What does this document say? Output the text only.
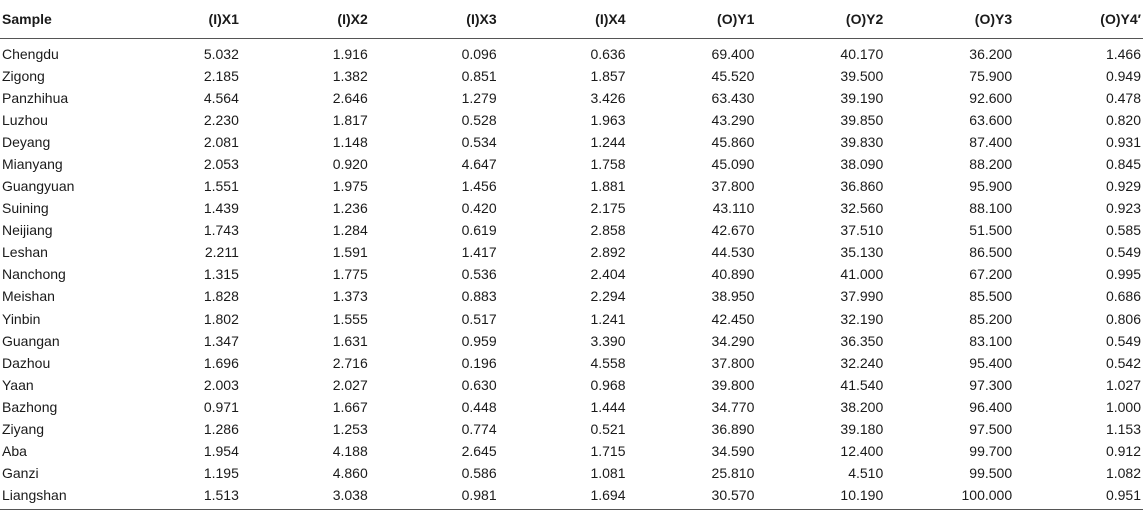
Sample	(I)X1	(I)X2	(I)X3	(I)X4	(O)Y1	(O)Y2	(O)Y3	(O)Y4′
Chengdu	5.032	1.916	0.096	0.636	69.400	40.170	36.200	1.466
Zigong	2.185	1.382	0.851	1.857	45.520	39.500	75.900	0.949
Panzhihua	4.564	2.646	1.279	3.426	63.430	39.190	92.600	0.478
Luzhou	2.230	1.817	0.528	1.963	43.290	39.850	63.600	0.820
Deyang	2.081	1.148	0.534	1.244	45.860	39.830	87.400	0.931
Mianyang	2.053	0.920	4.647	1.758	45.090	38.090	88.200	0.845
Guangyuan	1.551	1.975	1.456	1.881	37.800	36.860	95.900	0.929
Suining	1.439	1.236	0.420	2.175	43.110	32.560	88.100	0.923
Neijiang	1.743	1.284	0.619	2.858	42.670	37.510	51.500	0.585
Leshan	2.211	1.591	1.417	2.892	44.530	35.130	86.500	0.549
Nanchong	1.315	1.775	0.536	2.404	40.890	41.000	67.200	0.995
Meishan	1.828	1.373	0.883	2.294	38.950	37.990	85.500	0.686
Yinbin	1.802	1.555	0.517	1.241	42.450	32.190	85.200	0.806
Guangan	1.347	1.631	0.959	3.390	34.290	36.350	83.100	0.549
Dazhou	1.696	2.716	0.196	4.558	37.800	32.240	95.400	0.542
Yaan	2.003	2.027	0.630	0.968	39.800	41.540	97.300	1.027
Bazhong	0.971	1.667	0.448	1.444	34.770	38.200	96.400	1.000
Ziyang	1.286	1.253	0.774	0.521	36.890	39.180	97.500	1.153
Aba	1.954	4.188	2.645	1.715	34.590	12.400	99.700	0.912
Ganzi	1.195	4.860	0.586	1.081	25.810	4.510	99.500	1.082
Liangshan	1.513	3.038	0.981	1.694	30.570	10.190	100.000	0.951
